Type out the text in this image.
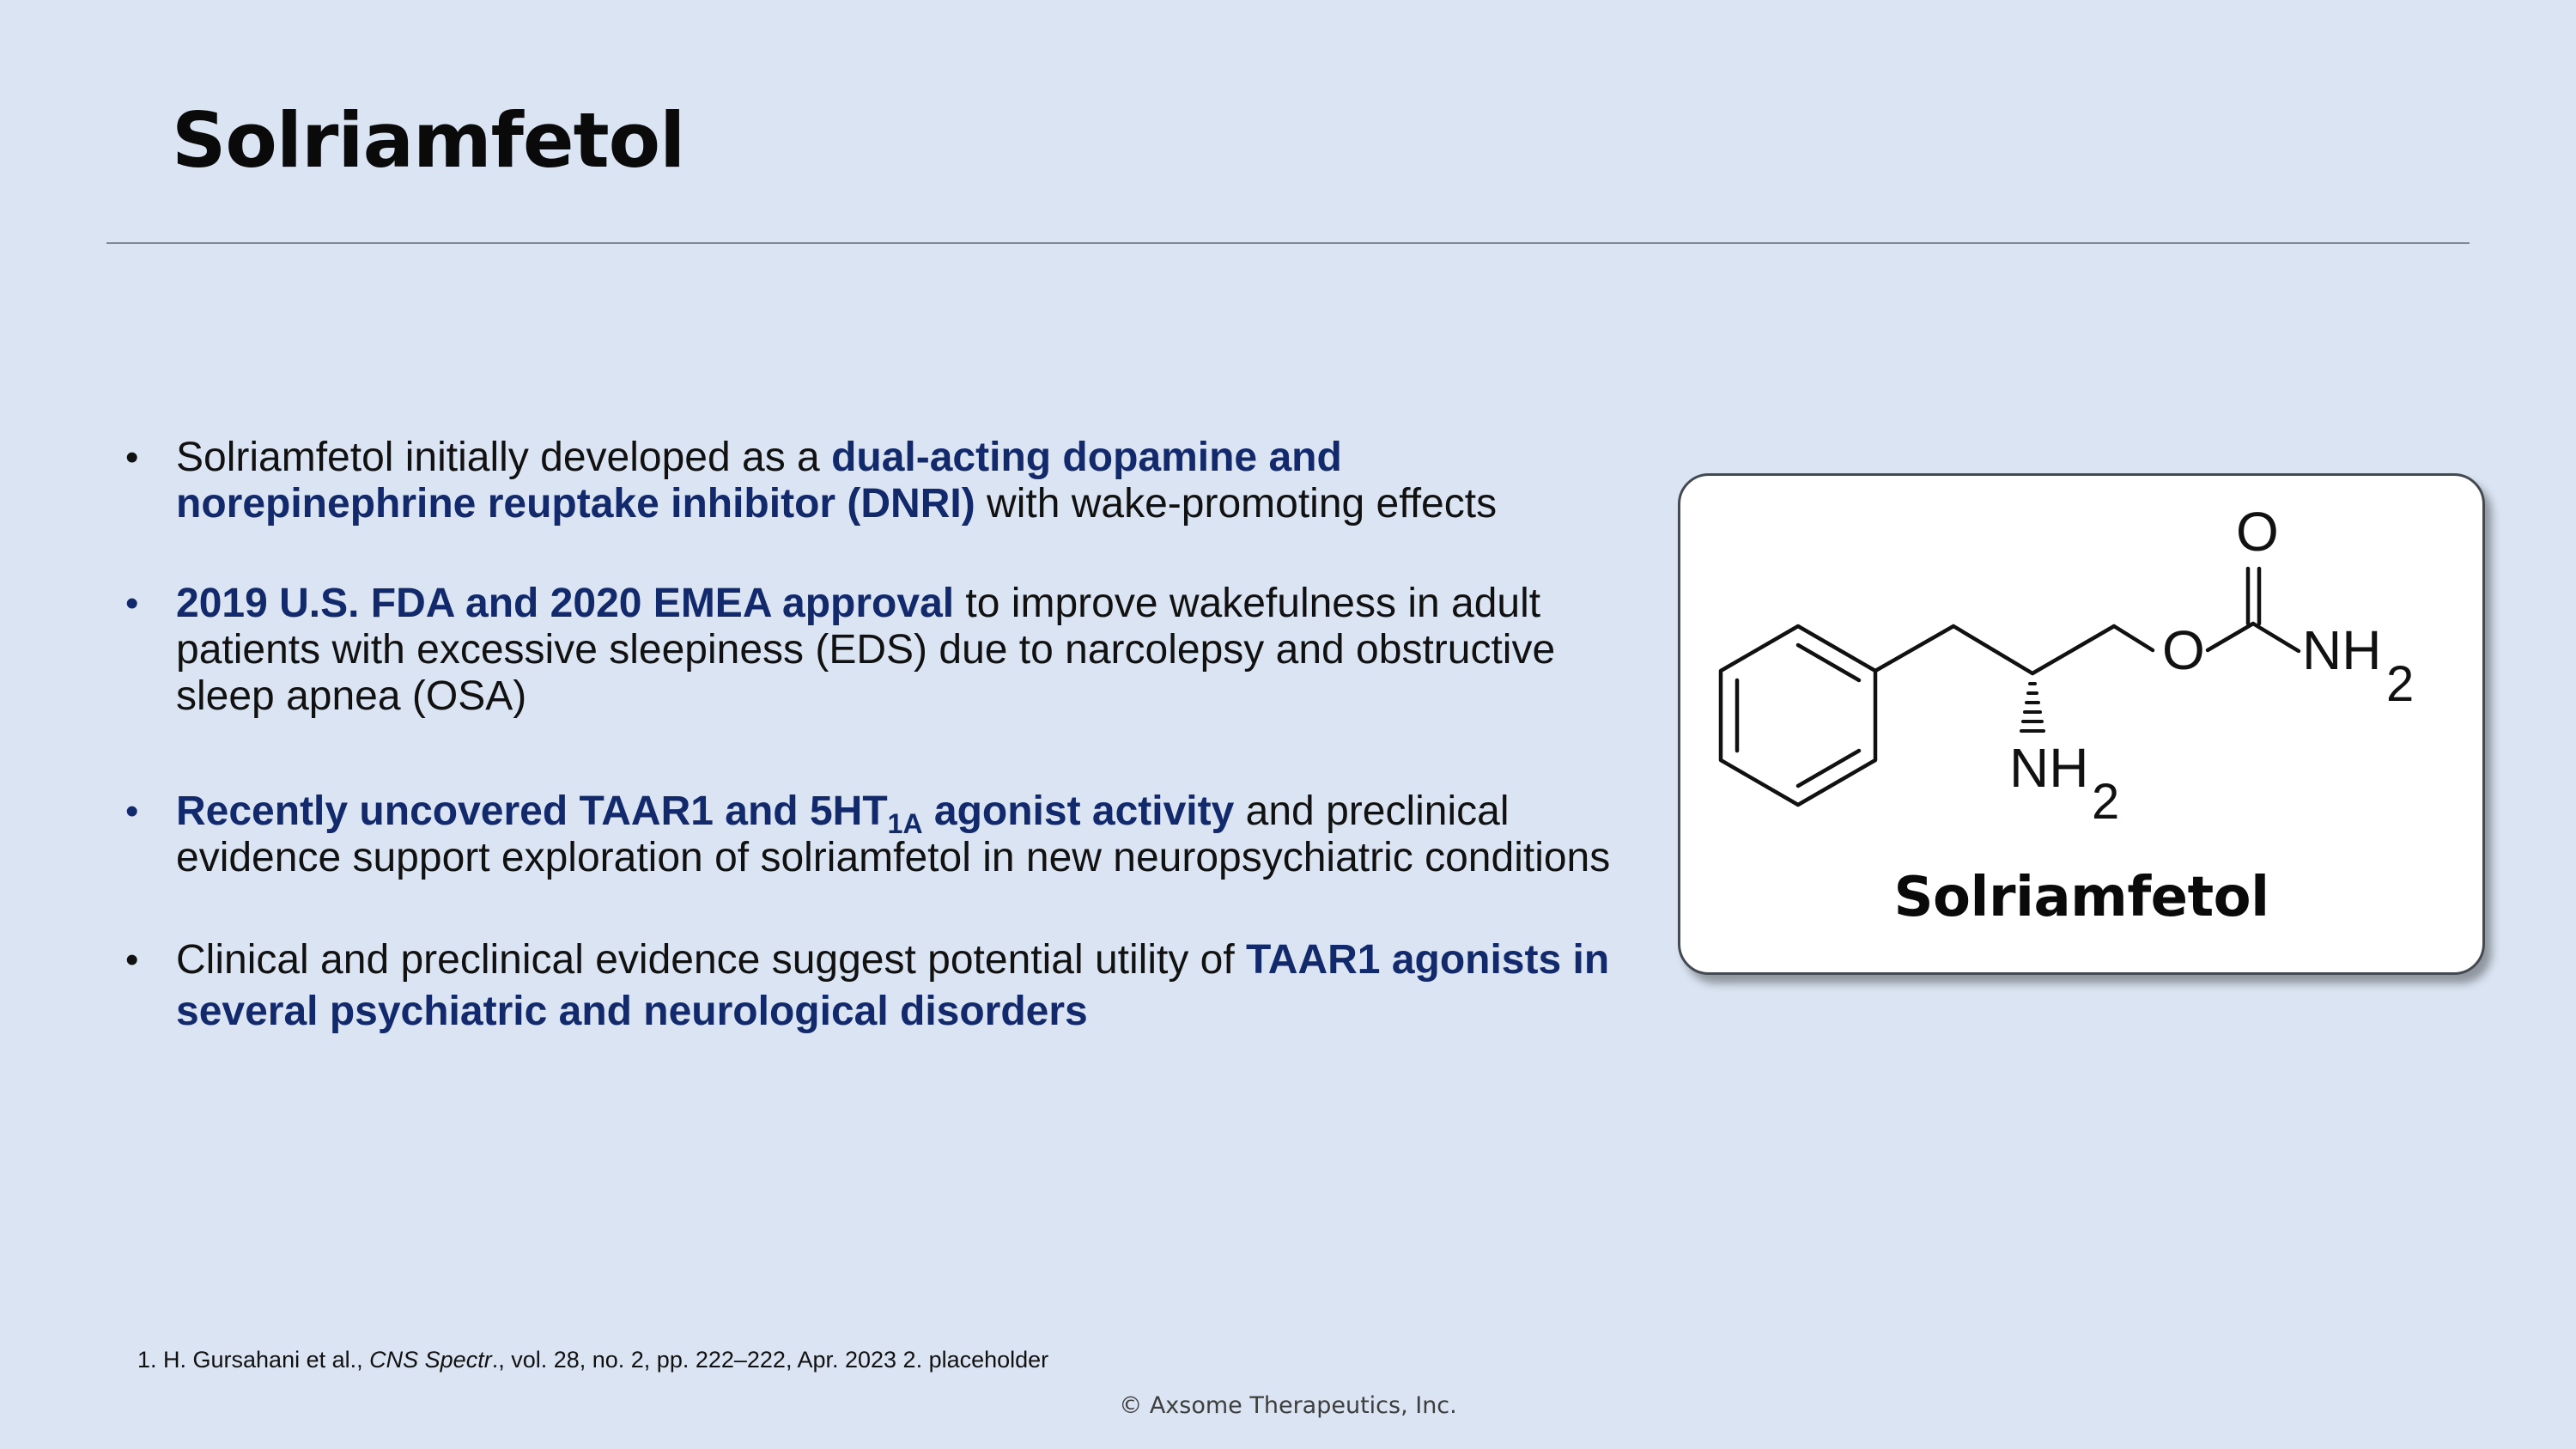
Solriamfetol
• Solriamfetol initially developed as a dual-acting dopamine and norepinephrine reuptake inhibitor (DNRI) with wake-promoting effects
• 2019 U.S. FDA and 2020 EMEA approval to improve wakefulness in adult patients with excessive sleepiness (EDS) due to narcolepsy and obstructive sleep apnea (OSA)
• Recently uncovered TAAR1 and $5HT_{1A}$ agonist activity and preclinical evidence support exploration of solriamfetol in new neuropsychiatric conditions
• Clinical and preclinical evidence suggest potential utility of TAAR1 agonists in several psychiatric and neurological disorders
O
O NH
2
NH
2
Solriamfetol
1. H. Gursahani et al., CNS Spectr., vol. 28, no. 2, pp. 222–222, Apr. 2023 2. placeholder
© Axsome Therapeutics, Inc.
